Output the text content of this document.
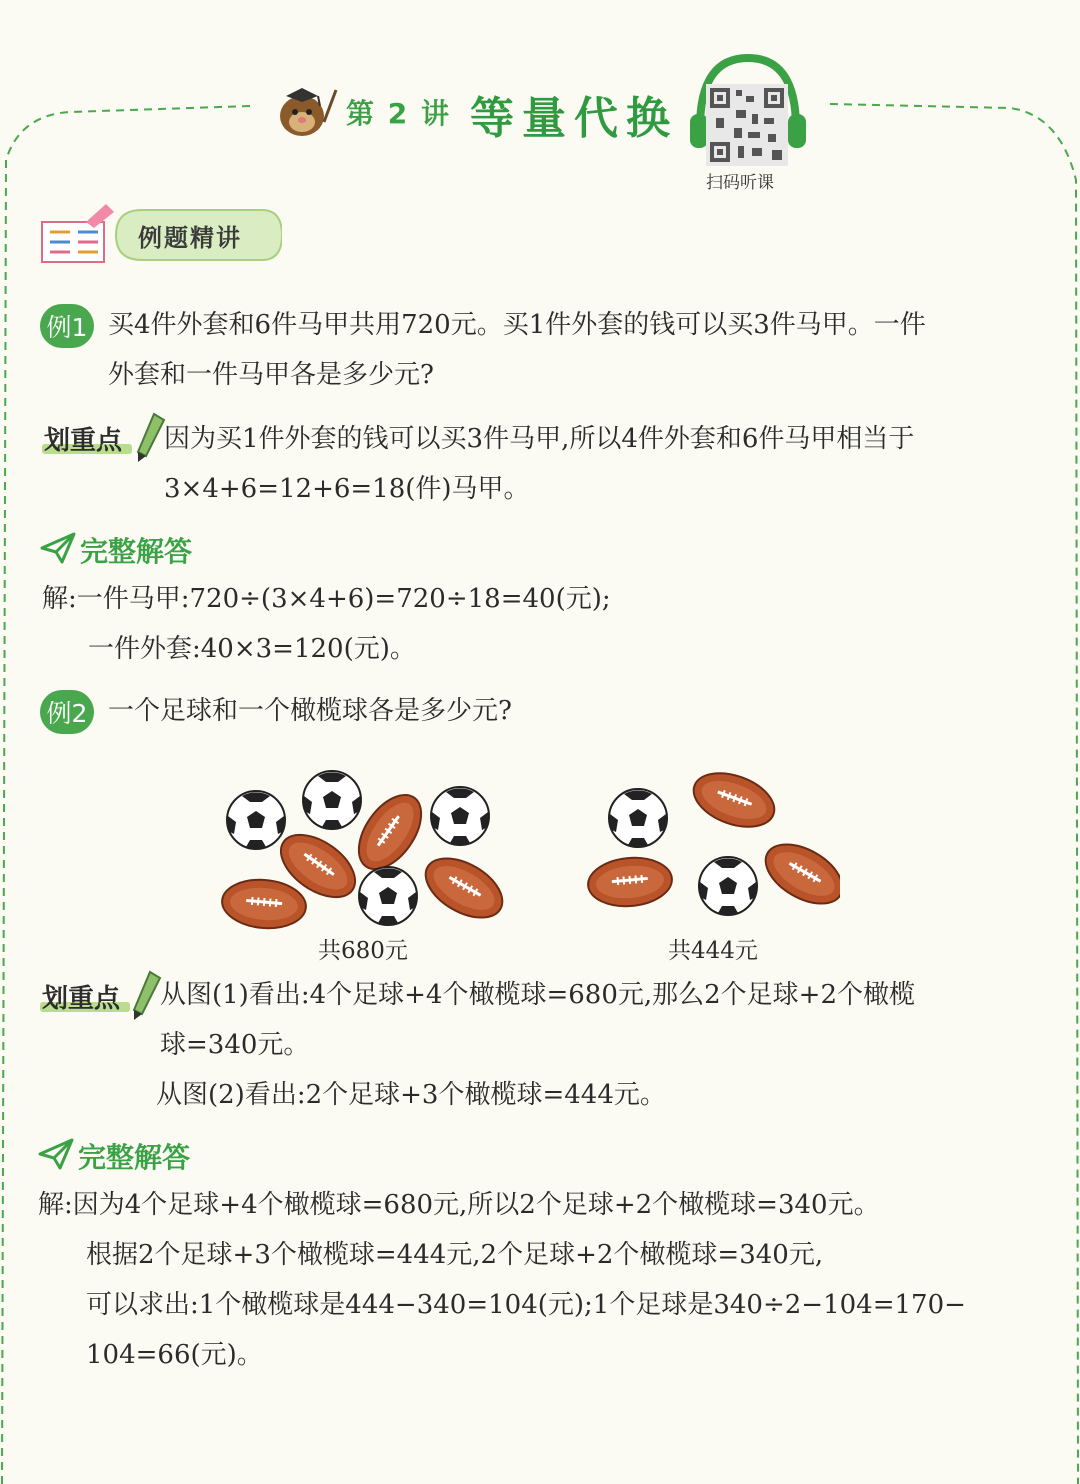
第 2 讲 等量代换
扫码听课
例题精讲
例1 买4件外套和6件马甲共用720元。买1件外套的钱可以买3件马甲。一件
外套和一件马甲各是多少元?
划重点 因为买1件外套的钱可以买3件马甲,所以4件外套和6件马甲相当于
3×4+6=12+6=18(件)马甲。
完整解答
解:一件马甲:720÷(3×4+6)=720÷18=40(元);
一件外套:40×3=120(元)。
例2 一个足球和一个橄榄球各是多少元?
共680元	共444元
划重点 从图(1)看出:4个足球+4个橄榄球=680元,那么2个足球+2个橄榄
球=340元。
从图(2)看出:2个足球+3个橄榄球=444元。
完整解答
解:因为4个足球+4个橄榄球=680元,所以2个足球+2个橄榄球=340元。
根据2个足球+3个橄榄球=444元,2个足球+2个橄榄球=340元,
可以求出:1个橄榄球是444−340=104(元);1个足球是340÷2−104=170−
104=66(元)。
